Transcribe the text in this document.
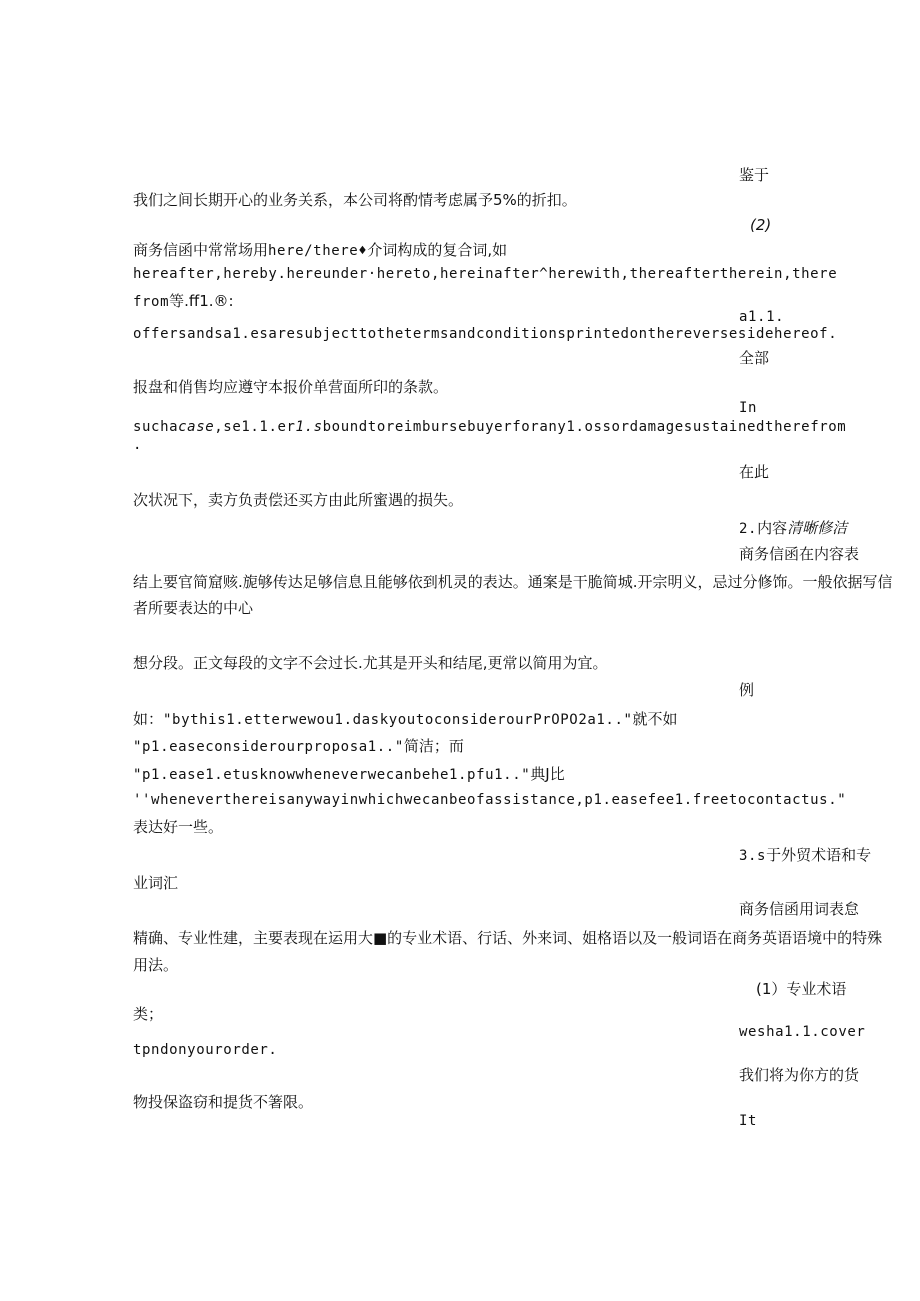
鉴于
我们之间长期开心的业务关系，本公司将酌情考虑属予5%的折扣。
(2)
商务信函中常常场用here/there♦介词构成的复合词,如
hereafter,hereby.hereunder·hereto,hereinafter^herewith,thereaftertherein,there
from等.ff1.®:
a1.1.
offersandsa1.esaresubjecttothetermsandconditionsprintedonthereversesidehereof.
全部
报盘和俏售均应遵守本报价单营面所印的条款。
In
suchacase,se1.1.er1.sboundtoreimbursebuyerforany1.ossordamagesustainedtherefrom
.
在此
次状况下，卖方负责偿还买方由此所蜜遇的损失。
2.内容清晰修洁
商务信函在内容表
结上要官简窟赅.旎够传达足够信息且能够依到机灵的表达。通案是干脆简城.开宗明义，忌过分修饰。一般依据写信
者所要表达的中心
想分段。正文每段的文字不会过长.尤其是开头和结尾,更常以简用为宜。
例
如："bythis1.etterwewou1.daskyoutoconsiderourPrOPO2a1.."就不如
"p1.easeconsiderourproposa1.."简洁；而
"p1.ease1.etusknowwheneverwecanbehe1.pfu1.."典J比
''wheneverthereisanywayinwhichwecanbeofassistance,p1.easefee1.freetocontactus."
表达好一些。
3.s于外贸术语和专
业词汇
商务信函用词表怠
精确、专业性建，主要表现在运用大■的专业术语、行话、外来词、姐格语以及一般词语在商务英语语境中的特殊
用法。
(1）专业术语
类；
wesha1.1.cover
tpndonyourorder.
我们将为你方的货
物投保盗窃和提货不箸限。
It
